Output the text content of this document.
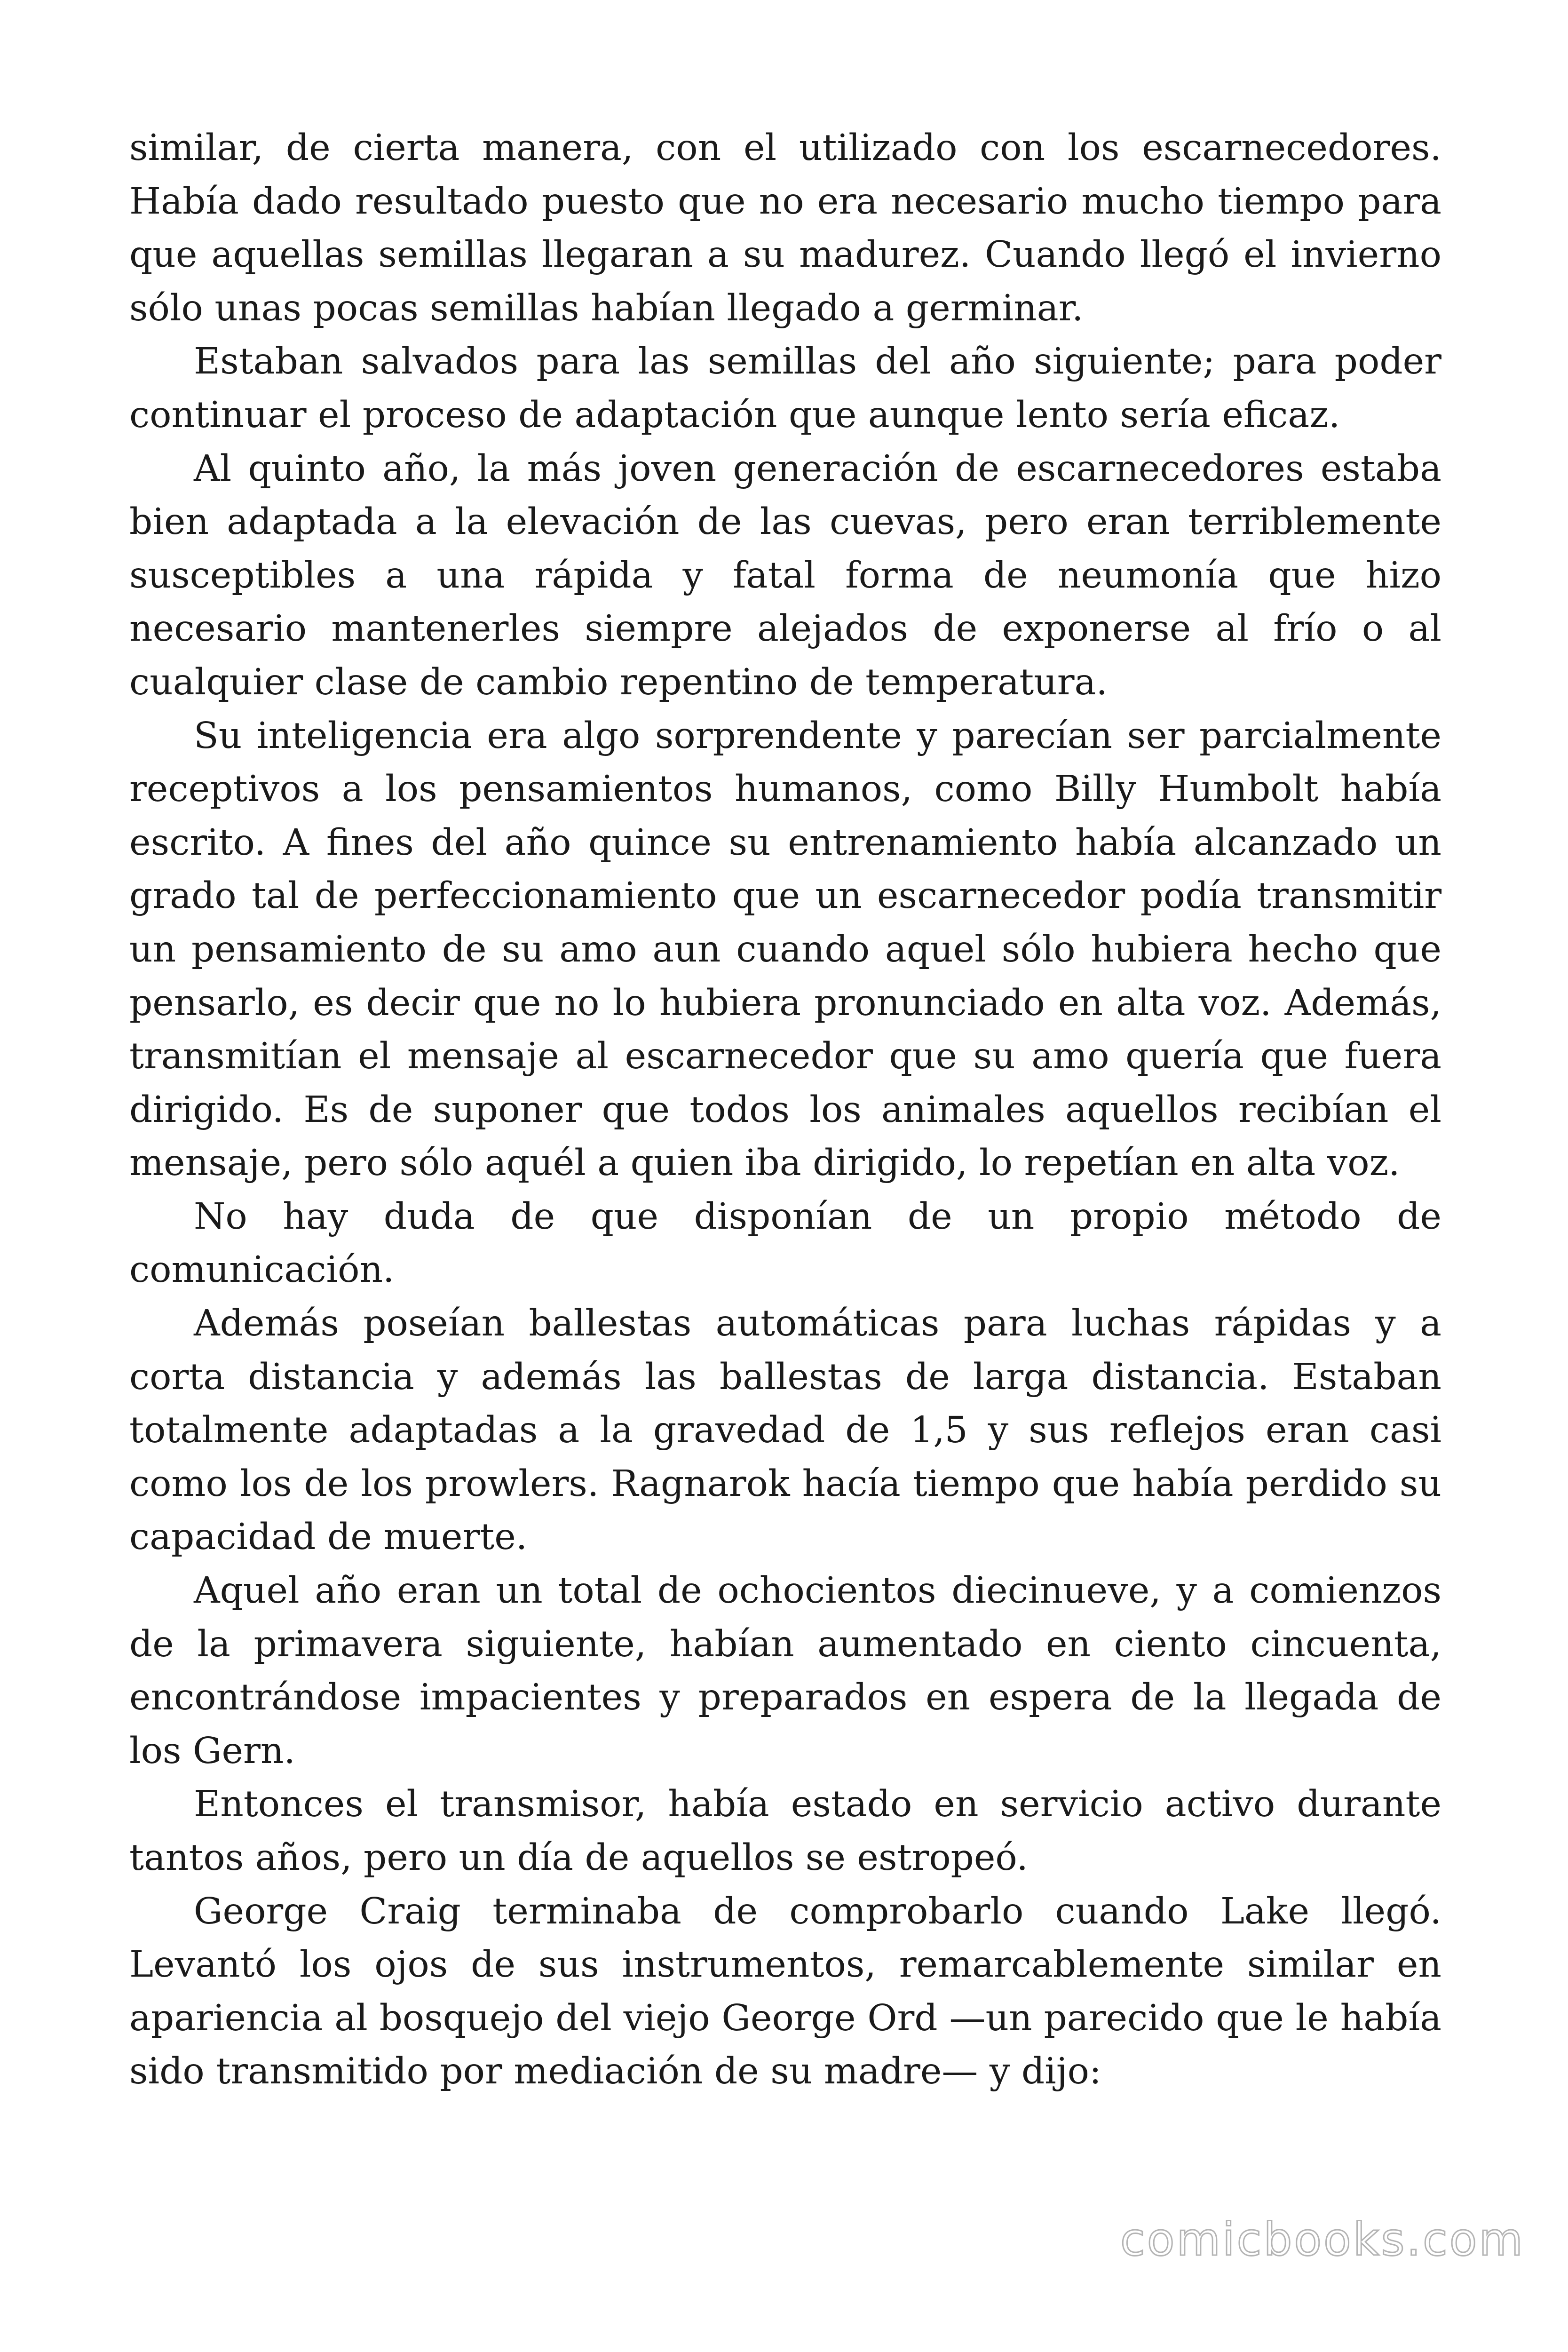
similar, de cierta manera, con el utilizado con los escarnecedores. Había dado resultado puesto que no era necesario mucho tiempo para que aquellas semillas llegaran a su madurez. Cuando llegó el invierno sólo unas pocas semillas habían llegado a germinar.

Estaban salvados para las semillas del año siguiente; para poder continuar el proceso de adaptación que aunque lento sería eficaz.

Al quinto año, la más joven generación de escarnecedores estaba bien adaptada a la elevación de las cuevas, pero eran terriblemente susceptibles a una rápida y fatal forma de neumonía que hizo necesario mantenerles siempre alejados de exponerse al frío o al cualquier clase de cambio repentino de temperatura.

Su inteligencia era algo sorprendente y parecían ser parcialmente receptivos a los pensamientos humanos, como Billy Humbolt había escrito. A fines del año quince su entrenamiento había alcanzado un grado tal de perfeccionamiento que un escarnecedor podía transmitir un pensamiento de su amo aun cuando aquel sólo hubiera hecho que pensarlo, es decir que no lo hubiera pronunciado en alta voz. Además, transmitían el mensaje al escarnecedor que su amo quería que fuera dirigido. Es de suponer que todos los animales aquellos recibían el mensaje, pero sólo aquél a quien iba dirigido, lo repetían en alta voz.

No hay duda de que disponían de un propio método de comunicación.

Además poseían ballestas automáticas para luchas rápidas y a corta distancia y además las ballestas de larga distancia. Estaban totalmente adaptadas a la gravedad de 1,5 y sus reflejos eran casi como los de los prowlers. Ragnarok hacía tiempo que había perdido su capacidad de muerte.

Aquel año eran un total de ochocientos diecinueve, y a comienzos de la primavera siguiente, habían aumentado en ciento cincuenta, encontrándose impacientes y preparados en espera de la llegada de los Gern.

Entonces el transmisor, había estado en servicio activo durante tantos años, pero un día de aquellos se estropeó.

George Craig terminaba de comprobarlo cuando Lake llegó. Levantó los ojos de sus instrumentos, remarcablemente similar en apariencia al bosquejo del viejo George Ord —un parecido que le había sido transmitido por mediación de su madre— y dijo:

comicbooks.com
